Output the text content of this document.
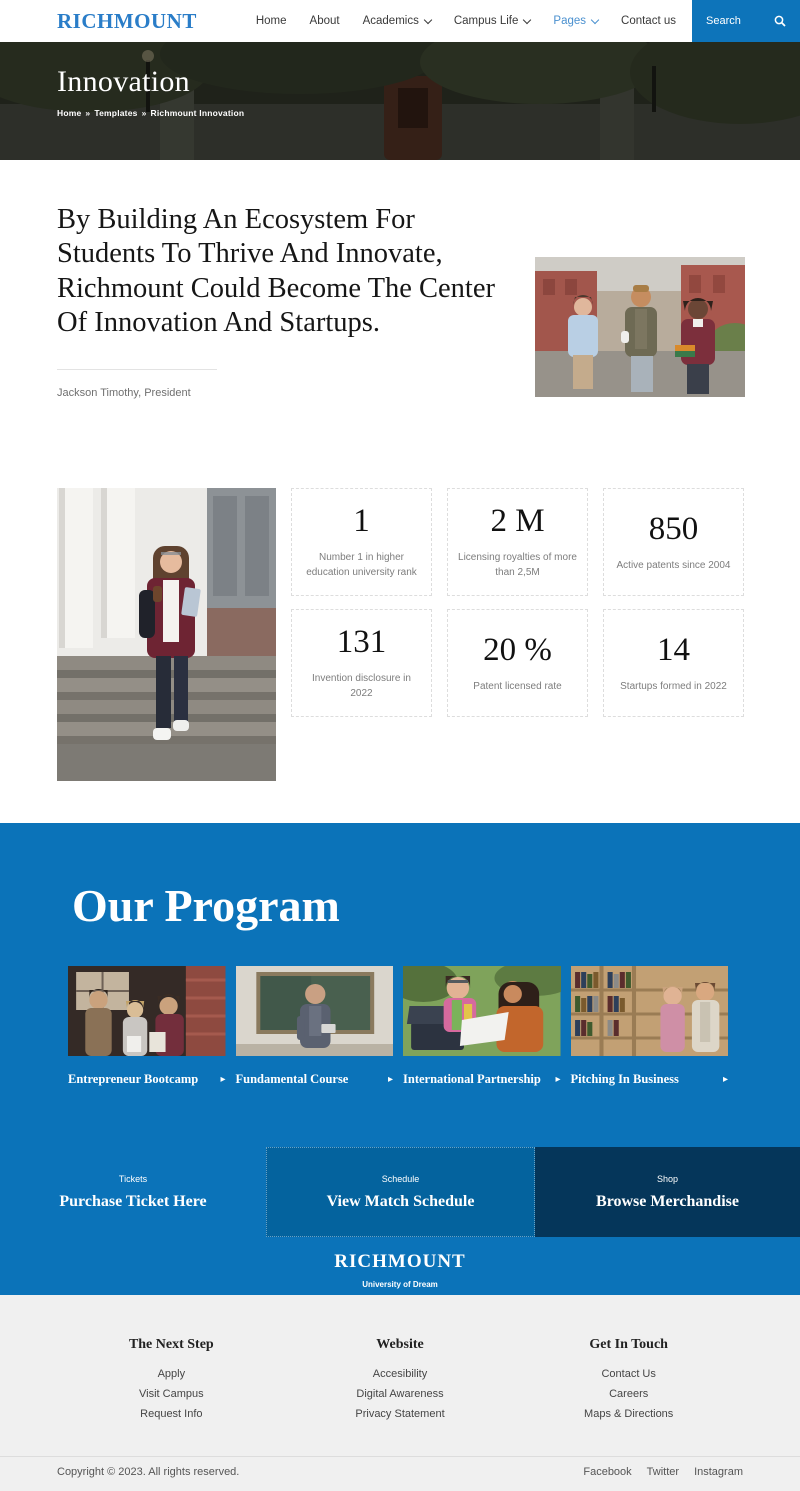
RICHMOUNT	Home About Academics	Campus Life	Pages	Contact us	Search
Innovation
Home » Templates » Richmount Innovation
By Building An Ecosystem For Students To Thrive And Innovate, Richmount Could Become The Center Of Innovation And Startups.
Jackson Timothy, President
1
Number 1 in higher education university rank
2 M
Licensing royalties of more than 2,5M
850
Active patents since 2004
131
Invention disclosure in 2022
20 %
Patent licensed rate
14
Startups formed in 2022
Our Program
Entrepreneur Bootcamp ▸ Fundamental Course	▸ International Partnership ▸ Pitching In Business	▸
Tickets
Purchase Ticket Here
Schedule
View Match Schedule
Shop
Browse Merchandise
RICHMOUNT
University of Dream
The Next Step
Apply
Visit Campus
Request Info
Website
Accesibility
Digital Awareness
Privacy Statement
Get In Touch
Contact Us
Careers
Maps & Directions
Copyright © 2023. All rights reserved.	Facebook Twitter Instagram
